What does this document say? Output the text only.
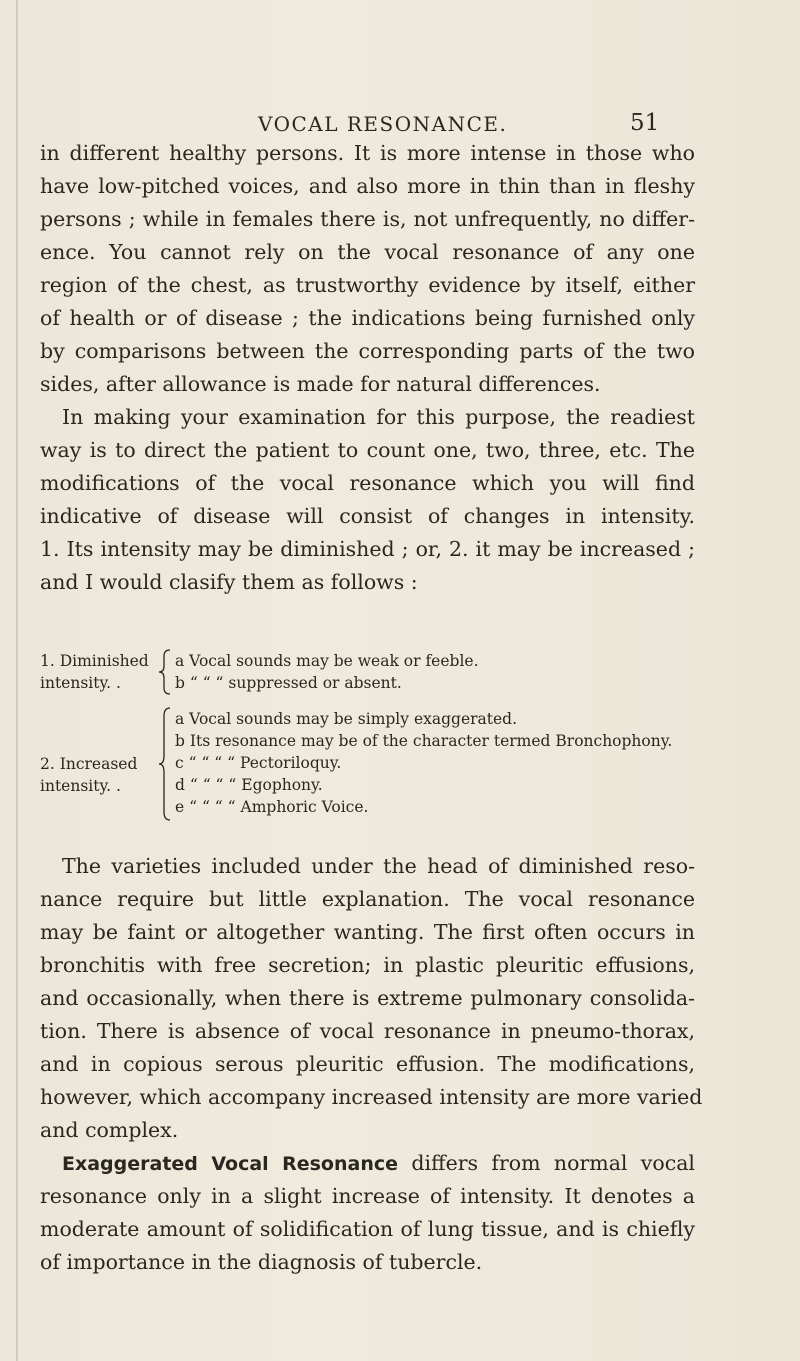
VOCAL RESONANCE.	51
in different healthy persons. It is more intense in those who
have low-pitched voices, and also more in thin than in fleshy
persons ; while in females there is, not unfrequently, no differ-
ence. You cannot rely on the vocal resonance of any one
region of the chest, as trustworthy evidence by itself, either
of health or of disease ; the indications being furnished only
by comparisons between the corresponding parts of the two
sides, after allowance is made for natural differences.
In making your examination for this purpose, the readiest
way is to direct the patient to count one, two, three, etc. The
modifications of the vocal resonance which you will find
indicative of disease will consist of changes in intensity.
1. Its intensity may be diminished ; or, 2. it may be increased ;
and I would clasify them as follows :
1. Diminished
intensity. .
a Vocal sounds may be weak or feeble.
b “ “ “ suppressed or absent.
2. Increased
intensity. .
a Vocal sounds may be simply exaggerated.
b Its resonance may be of the character termed Bronchophony.
c “ “ “ “ Pectoriloquy.
d “ “ “ “ Egophony.
e “ “ “ “ Amphoric Voice.
The varieties included under the head of diminished reso-
nance require but little explanation. The vocal resonance
may be faint or altogether wanting. The first often occurs in
bronchitis with free secretion; in plastic pleuritic effusions,
and occasionally, when there is extreme pulmonary consolida-
tion. There is absence of vocal resonance in pneumo-thorax,
and in copious serous pleuritic effusion. The modifications,
however, which accompany increased intensity are more varied
and complex.
Exaggerated Vocal Resonance differs from normal vocal
resonance only in a slight increase of intensity. It denotes a
moderate amount of solidification of lung tissue, and is chiefly
of importance in the diagnosis of tubercle.
